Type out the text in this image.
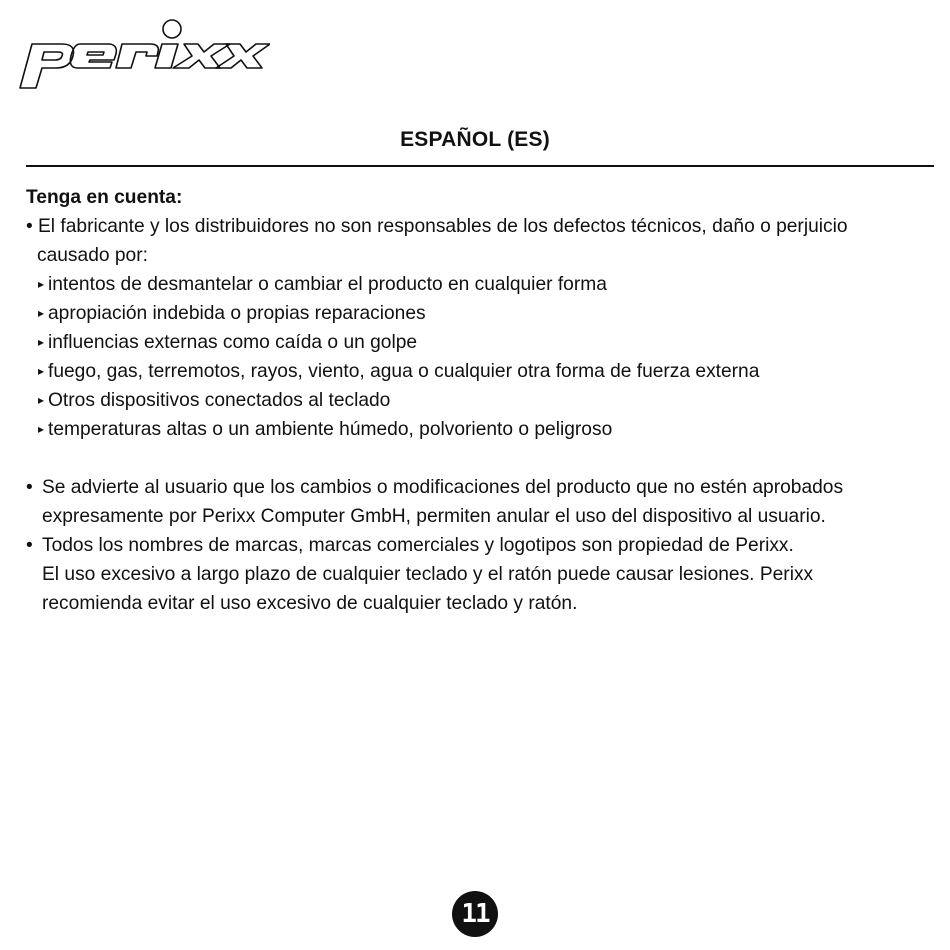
ESPAÑOL (ES)
Tenga en cuenta:
• El fabricante y los distribuidores no son responsables de los defectos técnicos, daño o perjuicio
causado por:
▸ intentos de desmantelar o cambiar el producto en cualquier forma
▸ apropiación indebida o propias reparaciones
▸ influencias externas como caída o un golpe
▸ fuego, gas, terremotos, rayos, viento, agua o cualquier otra forma de fuerza externa
▸ Otros dispositivos conectados al teclado
▸ temperaturas altas o un ambiente húmedo, polvoriento o peligroso
• Se advierte al usuario que los cambios o modificaciones del producto que no estén aprobados
expresamente por Perixx Computer GmbH, permiten anular el uso del dispositivo al usuario.
• Todos los nombres de marcas, marcas comerciales y logotipos son propiedad de Perixx.
El uso excesivo a largo plazo de cualquier teclado y el ratón puede causar lesiones. Perixx
recomienda evitar el uso excesivo de cualquier teclado y ratón.
11
